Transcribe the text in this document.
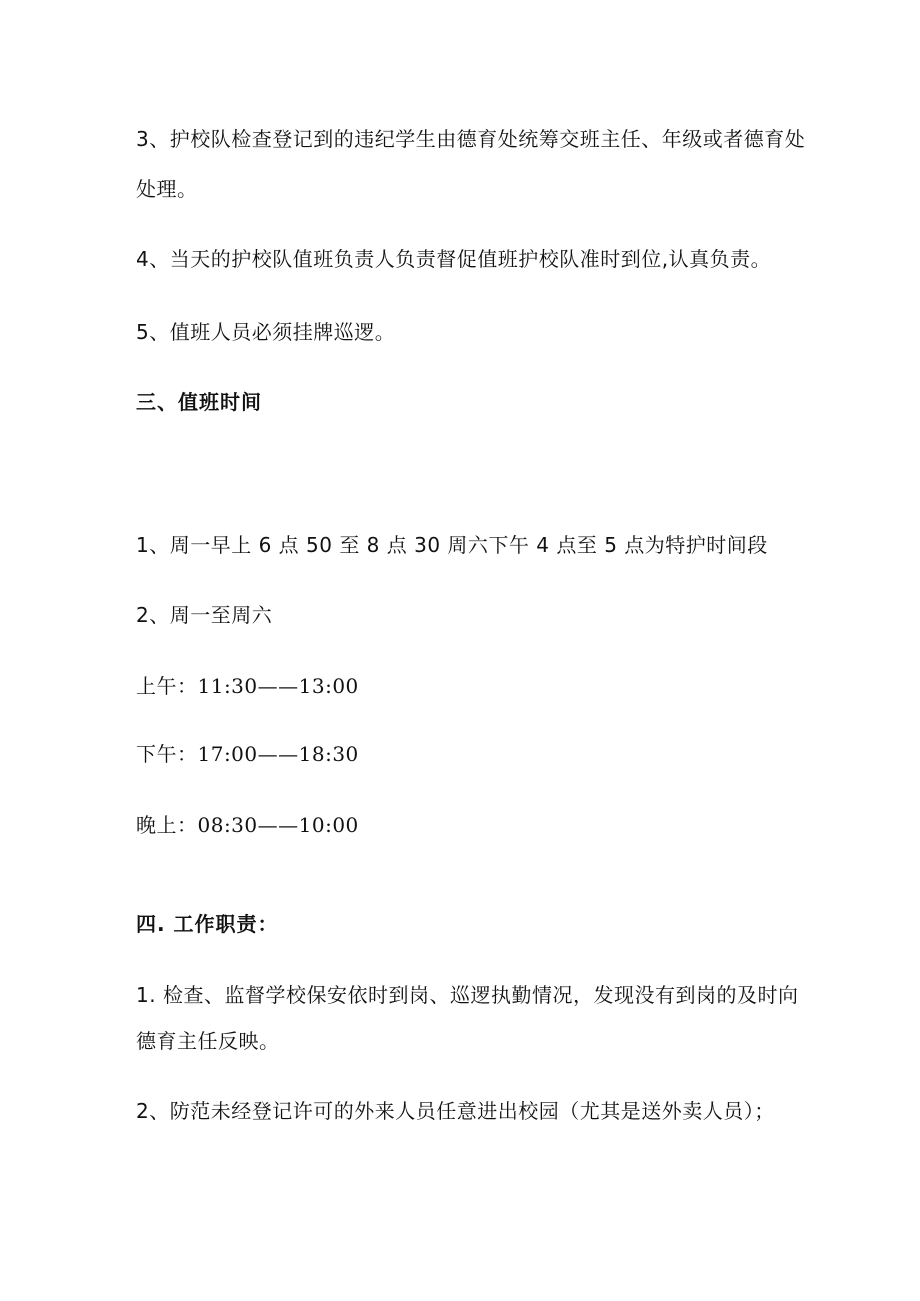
3、护校队检查登记到的违纪学生由德育处统筹交班主任、年级或者德育处

处理。

4、当天的护校队值班负责人负责督促值班护校队准时到位,认真负责。

5、值班人员必须挂牌巡逻。

三、值班时间

1、周一早上 6 点 50 至 8 点 30 周六下午 4 点至 5 点为特护时间段

2、周一至周六

上午：11:30——13:00

下午：17:00——18:30

晚上：08:30——10:00

四. 工作职责：

1. 检查、监督学校保安依时到岗、巡逻执勤情况，发现没有到岗的及时向

德育主任反映。

2、防范未经登记许可的外来人员任意进出校园（尤其是送外卖人员）；
